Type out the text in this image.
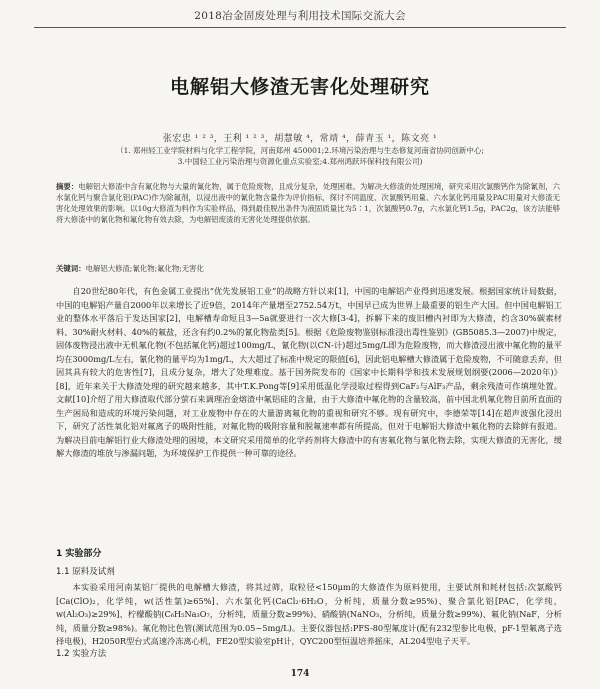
2018冶金固废处理与利用技术国际交流大会
电解铝大修渣无害化处理研究
张宏忠 ¹ ² ³，王利 ¹ ² ³，胡慧敏 ⁴，常靖 ⁴，薛青玉 ¹，陈文亮 ¹
（1. 郑州轻工业学院材料与化学工程学院，河南郑州 450001;2.环境污染治理与生态修复河南省协同创新中心;
3.中国轻工业污染治理与资源化重点实验室;4.郑州鸿跃环保科技有限公司)
摘要：电解铝大修渣中含有氟化物与大量的氰化物，属于危险废物，且成分复杂，处理困难。为解决大修渣的处理困境，研究采用次氯酸钙作为除氰剂，六水氯化钙与聚合氯化铝(PAC)作为除氟剂，以浸出液中的氰化物含量作为评价指标，探讨不同温度、次氯酸钙用量、六水氯化钙用量及PAC用量对大修渣无害化处理效果的影响。以10g大修渣为料作为实验样品，得到最佳脱出条件为液固质量比为5∶1，次氯酸钙0.7g，六水氯化钙1.5g，PAC2g，该方法能够将大修渣中的氰化物和氟化物有效去除，为电解铝废渣的无害化处理提供依据。
关键词：电解铝大修渣;氰化物;氟化物;无害化

自20世纪80年代，有色金属工业提出“优先发展铝工业”的战略方针以来[1]，中国的电解铝产业得到迅速发展。根据国家统计局数据，中国的电解铝产量自2000年以来增长了近9倍，2014年产量增至2752.54万t，中国早已成为世界上最重要的铝生产大国。但中国电解铝工业的整体水平落后于发达国家[2]，电解槽寿命短且3—5a就要进行一次大修[3-4]，拆解下来的废旧槽内衬即为大修渣，约含30%碳素材料、30%耐火材料、40%的氟盐，还含有约0.2%的氰化物盐类[5]。根据《危险废物鉴别标准浸出毒性鉴别》(GB5085.3—2007)中规定，固体废物浸出液中无机氟化物(不包括氟化钙)超过100mg/L，氰化物(以CN-计)超过5mg/L即为危险废物，而大修渣浸出液中氟化物的量平均在3000mg/L左右，氰化物的量平均为1mg/L，大大超过了标准中规定的限值[6]，因此铝电解槽大修渣属于危险废物，不可随意丢弃，但因其具有较大的危害性[7]，且成分复杂，增大了处理难度。基于国务院发布的《国家中长期科学和技术发展规划纲要(2006—2020年)》[8]，近年来关于大修渣处理的研究越来越多，其中T.K.Pong等[9]采用低温化学浸取过程得到CaF₂与AlF₃产品，剩余残渣可作填埋处置。文献[10]介绍了用大修渣取代部分萤石来调理冶金熔渣中氟铝硅的含量，由于大修渣中氟化物的含量较高，前中国北机氟化物目前所直面的生产困局和造成的环境污染问题，对工业废物中存在的大量游离氟化物的重视和研究不够。现有研究中，李德荣等[14]在超声波强化浸出下，研究了活性氧化铝对氟离子的吸附性能，对氟化物的吸附容量和脱氟速率都有所提高，但对于电解铝大修渣中氟化物的去除鲜有报道。为解决目前电解铝行业大修渣处理的困境，本文研究采用简单的化学药剂将大修渣中的有害氟化物与氰化物去除，实现大修渣的无害化，缓解大修渣的堆放与渗漏问题，为环境保护工作提供一种可靠的途径。

1 实验部分
1.1 原料及试剂

本实验采用河南某铝厂提供的电解槽大修渣，将其过筛，取粒径<150μm的大修渣作为原料使用，主要试剂和耗材包括:次氯酸钙[Ca(ClO)₂，化学纯，w(活性氯)≥65%]、六水氯化钙(CaCl₂·6H₂O，分析纯，质量分数≥95%)、聚合氯化铝[PAC，化学纯，w(Al₂O₃)≥29%]、柠檬酸钠(C₆H₅Na₃O₇，分析纯，质量分数≥99%)、硝酸钠(NaNO₃，分析纯，质量分数≥99%)、氟化钠(NaF，分析纯，质量分数≥98%)。氟化物比色管(测试范围为0.05~5mg/L)。主要仪器包括:PFS-80型氟度计(配有232型参比电极，pF-1型氟离子选择电极)，H2050R型台式高速冷冻离心机，FE20型实验室pH计，QYC200型恒温培养摇床，AL204型电子天平。

1.2 实验方法
174
